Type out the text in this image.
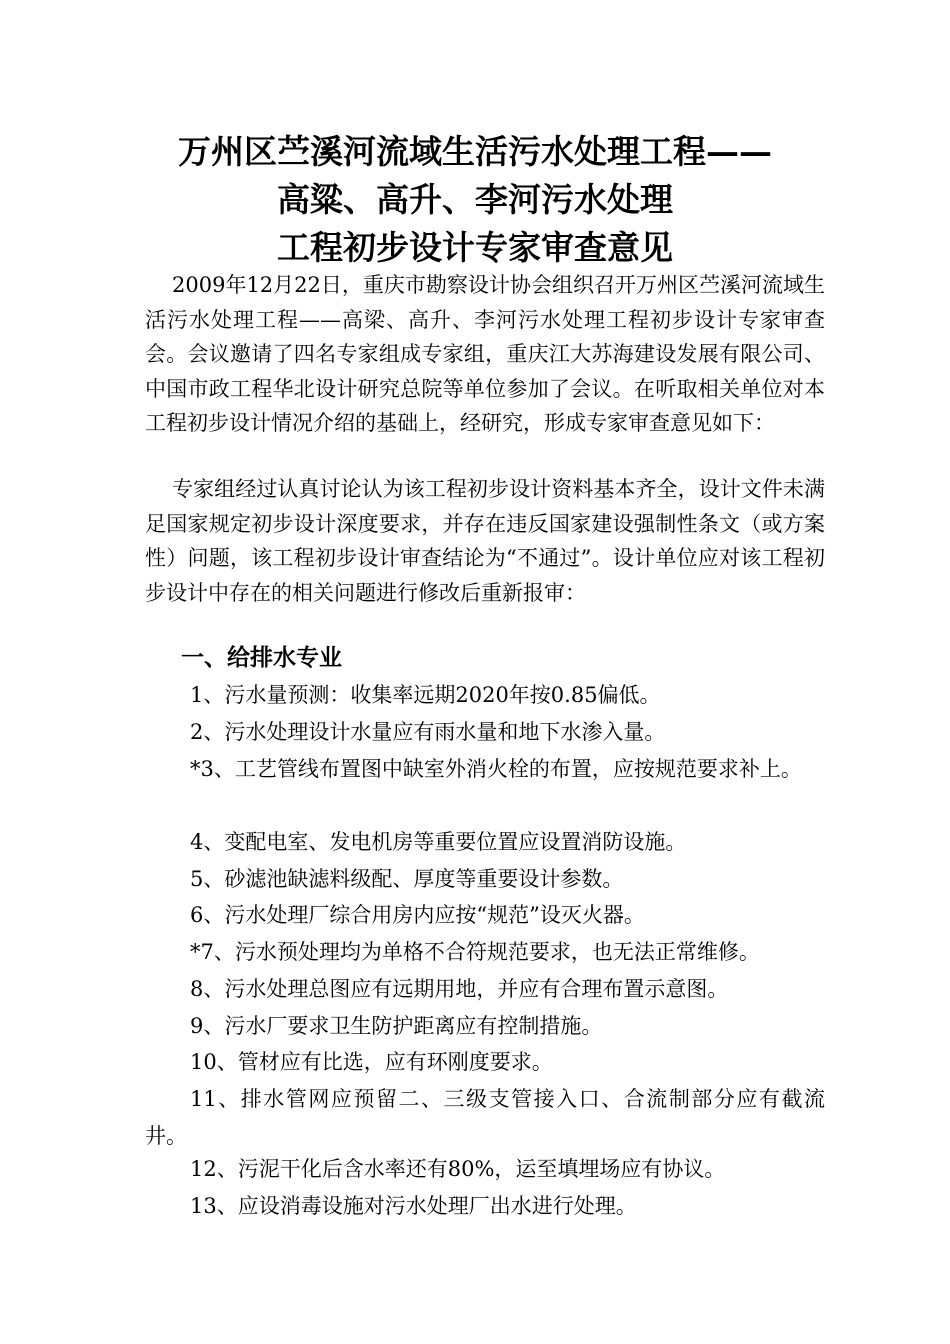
万州区苎溪河流域生活污水处理工程——
高粱、高升、李河污水处理
工程初步设计专家审查意见
2009年12月22日，重庆市勘察设计协会组织召开万州区苎溪河流域生活污水处理工程——高梁、高升、李河污水处理工程初步设计专家审查会。会议邀请了四名专家组成专家组，重庆江大苏海建设发展有限公司、中国市政工程华北设计研究总院等单位参加了会议。在听取相关单位对本工程初步设计情况介绍的基础上，经研究，形成专家审查意见如下：
专家组经过认真讨论认为该工程初步设计资料基本齐全，设计文件未满足国家规定初步设计深度要求，并存在违反国家建设强制性条文（或方案性）问题，该工程初步设计审查结论为“不通过”。设计单位应对该工程初步设计中存在的相关问题进行修改后重新报审：
一、给排水专业
1、污水量预测：收集率远期2020年按0.85偏低。
2、污水处理设计水量应有雨水量和地下水渗入量。
*3、工艺管线布置图中缺室外消火栓的布置，应按规范要求补上。
4、变配电室、发电机房等重要位置应设置消防设施。
5、砂滤池缺滤料级配、厚度等重要设计参数。
6、污水处理厂综合用房内应按“规范”设灭火器。
*7、污水预处理均为单格不合符规范要求，也无法正常维修。
8、污水处理总图应有远期用地，并应有合理布置示意图。
9、污水厂要求卫生防护距离应有控制措施。
10、管材应有比选，应有环刚度要求。
11、排水管网应预留二、三级支管接入口、合流制部分应有截流井。
12、污泥干化后含水率还有80%，运至填埋场应有协议。
13、应设消毒设施对污水处理厂出水进行处理。
